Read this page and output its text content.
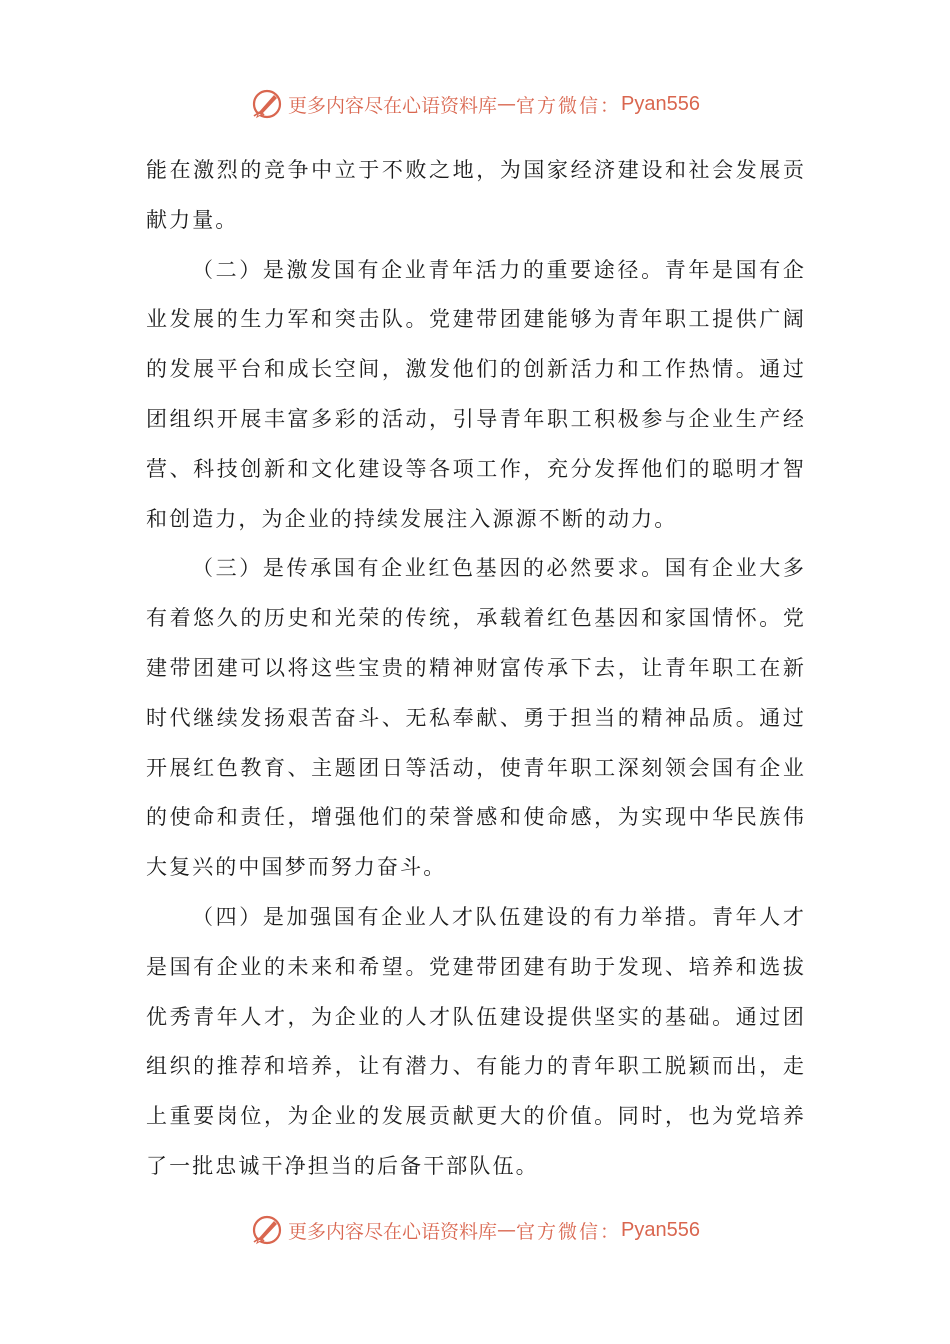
更多内容尽在心语资料库 — 官方微信： Pyan556

能在激烈的竞争中立于不败之地，为国家经济建设和社会发展贡献力量。

（二）是激发国有企业青年活力的重要途径。青年是国有企业发展的生力军和突击队。党建带团建能够为青年职工提供广阔的发展平台和成长空间，激发他们的创新活力和工作热情。通过团组织开展丰富多彩的活动，引导青年职工积极参与企业生产经营、科技创新和文化建设等各项工作，充分发挥他们的聪明才智和创造力，为企业的持续发展注入源源不断的动力。

（三）是传承国有企业红色基因的必然要求。国有企业大多有着悠久的历史和光荣的传统，承载着红色基因和家国情怀。党建带团建可以将这些宝贵的精神财富传承下去，让青年职工在新时代继续发扬艰苦奋斗、无私奉献、勇于担当的精神品质。通过开展红色教育、主题团日等活动，使青年职工深刻领会国有企业的使命和责任，增强他们的荣誉感和使命感，为实现中华民族伟大复兴的中国梦而努力奋斗。

（四）是加强国有企业人才队伍建设的有力举措。青年人才是国有企业的未来和希望。党建带团建有助于发现、培养和选拔优秀青年人才，为企业的人才队伍建设提供坚实的基础。通过团组织的推荐和培养，让有潜力、有能力的青年职工脱颖而出，走上重要岗位，为企业的发展贡献更大的价值。同时，也为党培养了一批忠诚干净担当的后备干部队伍。

更多内容尽在心语资料库 — 官方微信： Pyan556
